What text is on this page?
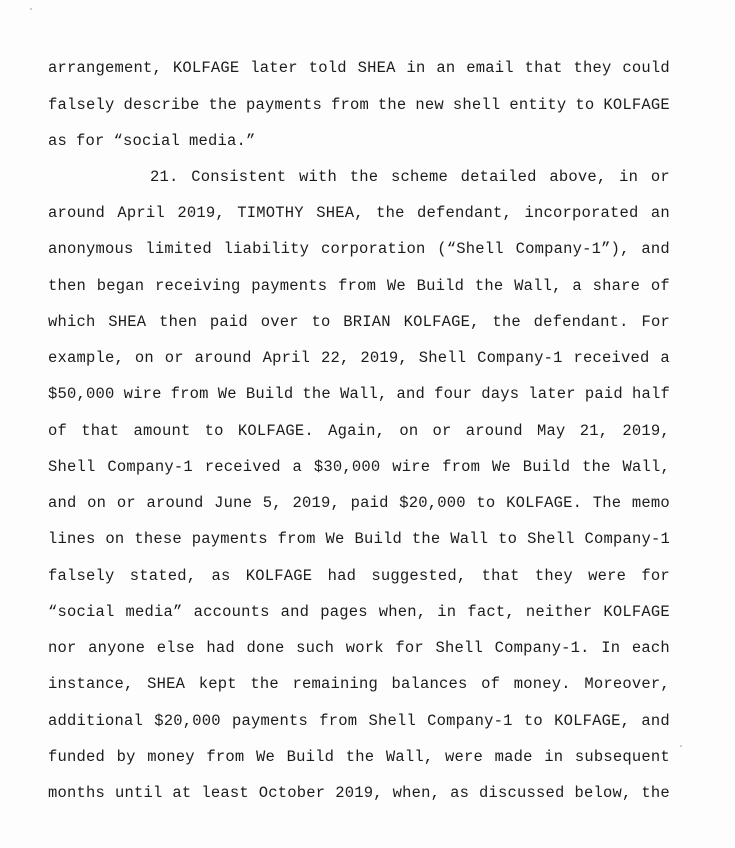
arrangement, KOLFAGE later told SHEA in an email that they could
falsely describe the payments from the new shell entity to KOLFAGE
as for “social media.”
21. Consistent with the scheme detailed above, in or
around April 2019, TIMOTHY SHEA, the defendant, incorporated an
anonymous limited liability corporation (“Shell Company-1”), and
then began receiving payments from We Build the Wall, a share of
which SHEA then paid over to BRIAN KOLFAGE, the defendant. For
example, on or around April 22, 2019, Shell Company-1 received a
$50,000 wire from We Build the Wall, and four days later paid half
of that amount to KOLFAGE. Again, on or around May 21, 2019,
Shell Company-1 received a $30,000 wire from We Build the Wall,
and on or around June 5, 2019, paid $20,000 to KOLFAGE. The memo
lines on these payments from We Build the Wall to Shell Company-1
falsely stated, as KOLFAGE had suggested, that they were for
“social media” accounts and pages when, in fact, neither KOLFAGE
nor anyone else had done such work for Shell Company-1. In each
instance, SHEA kept the remaining balances of money. Moreover,
additional $20,000 payments from Shell Company-1 to KOLFAGE, and
funded by money from We Build the Wall, were made in subsequent
months until at least October 2019, when, as discussed below, the
